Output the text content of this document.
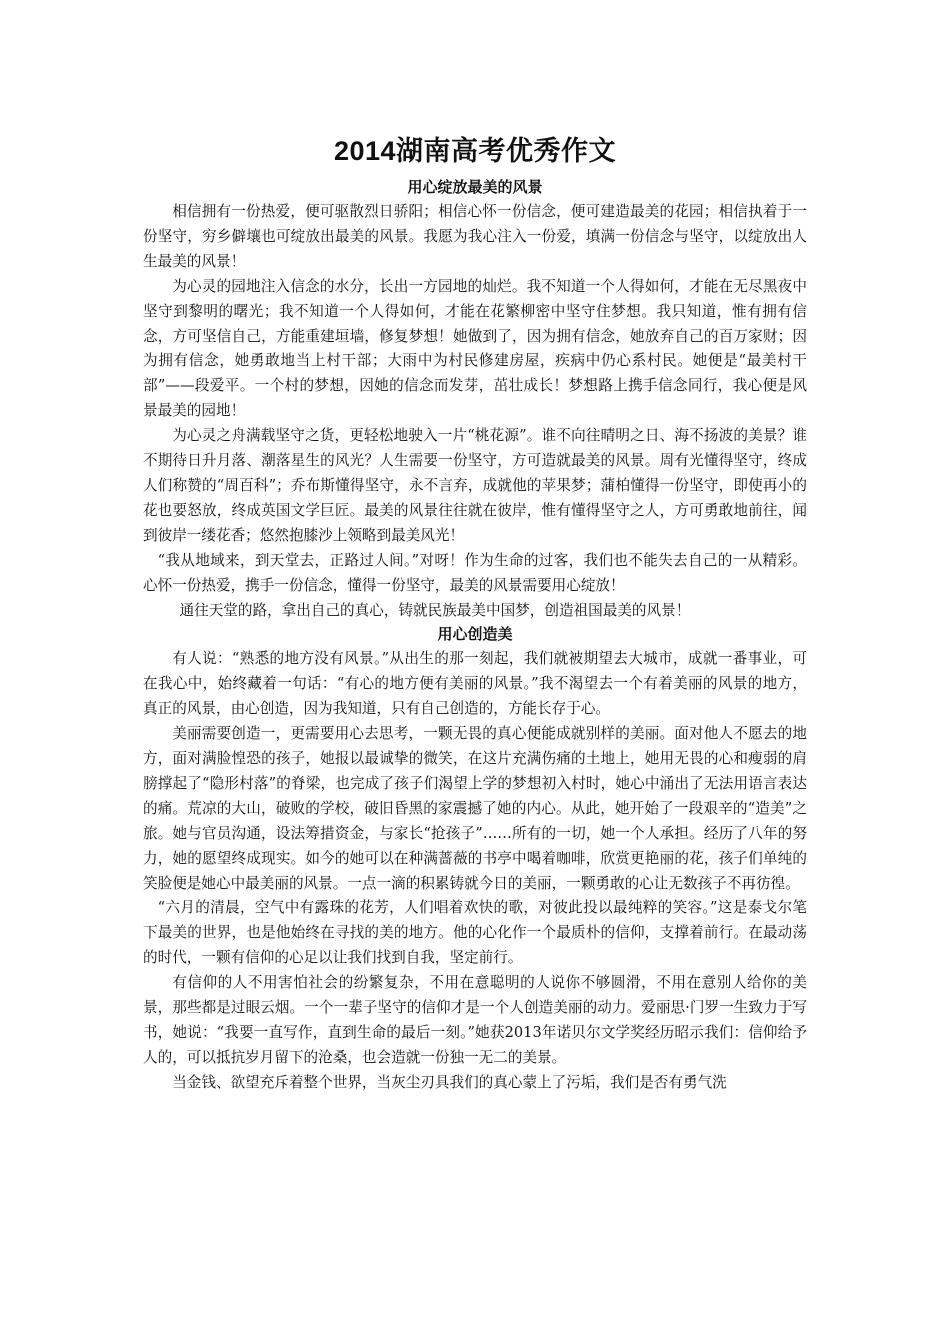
2014湖南高考优秀作文
用心绽放最美的风景

相信拥有一份热爱，便可驱散烈日骄阳；相信心怀一份信念，便可建造最美的花园；相信执着于一份坚守，穷乡僻壤也可绽放出最美的风景。我愿为我心注入一份爱，填满一份信念与坚守，以绽放出人生最美的风景！

为心灵的园地注入信念的水分，长出一方园地的灿烂。我不知道一个人得如何，才能在无尽黑夜中坚守到黎明的曙光；我不知道一个人得如何，才能在花繁柳密中坚守住梦想。我只知道，惟有拥有信念，方可坚信自己，方能重建垣墙，修复梦想！她做到了，因为拥有信念，她放弃自己的百万家财；因为拥有信念，她勇敢地当上村干部；大雨中为村民修建房屋，疾病中仍心系村民。她便是“最美村干部”——段爱平。一个村的梦想，因她的信念而发芽，茁壮成长！梦想路上携手信念同行，我心便是风景最美的园地！

为心灵之舟满载坚守之货，更轻松地驶入一片“桃花源”。谁不向往晴明之日、海不扬波的美景？谁不期待日升月落、潮落星生的风光？人生需要一份坚守，方可造就最美的风景。周有光懂得坚守，终成人们称赞的“周百科”；乔布斯懂得坚守，永不言弃，成就他的苹果梦；蒲柏懂得一份坚守，即使再小的花也要怒放，终成英国文学巨匠。最美的风景往往就在彼岸，惟有懂得坚守之人，方可勇敢地前往，闻到彼岸一缕花香；悠然抱膝沙上领略到最美风光！

“我从地域来，到天堂去，正路过人间。”对呀！作为生命的过客，我们也不能失去自己的一从精彩。心怀一份热爱，携手一份信念，懂得一份坚守，最美的风景需要用心绽放！

通往天堂的路，拿出自己的真心，铸就民族最美中国梦，创造祖国最美的风景！

用心创造美

有人说：“熟悉的地方没有风景。”从出生的那一刻起，我们就被期望去大城市，成就一番事业，可在我心中，始终藏着一句话：“有心的地方便有美丽的风景。”我不渴望去一个有着美丽的风景的地方，真正的风景，由心创造，因为我知道，只有自己创造的，方能长存于心。

美丽需要创造一，更需要用心去思考，一颗无畏的真心便能成就别样的美丽。面对他人不愿去的地方，面对满脸惶恐的孩子，她报以最诚挚的微笑，在这片充满伤痛的土地上，她用无畏的心和瘦弱的肩膀撑起了“隐形村落”的脊梁，也完成了孩子们渴望上学的梦想初入村时，她心中涌出了无法用语言表达的痛。荒凉的大山，破败的学校，破旧昏黑的家震撼了她的内心。从此，她开始了一段艰辛的“造美”之旅。她与官员沟通，设法筹措资金，与家长“抢孩子”……所有的一切，她一个人承担。经历了八年的努力，她的愿望终成现实。如今的她可以在种满蔷薇的书亭中喝着咖啡，欣赏更艳丽的花，孩子们单纯的笑脸便是她心中最美丽的风景。一点一滴的积累铸就今日的美丽，一颗勇敢的心让无数孩子不再彷徨。

“六月的清晨，空气中有露珠的花芳，人们唱着欢快的歌，对彼此投以最纯粹的笑容。”这是泰戈尔笔下最美的世界，也是他始终在寻找的美的地方。他的心化作一个最质朴的信仰，支撑着前行。在最动荡的时代，一颗有信仰的心足以让我们找到自我，坚定前行。

有信仰的人不用害怕社会的纷繁复杂，不用在意聪明的人说你不够圆滑，不用在意别人给你的美景，那些都是过眼云烟。一个一辈子坚守的信仰才是一个人创造美丽的动力。爱丽思·门罗一生致力于写书，她说：“我要一直写作，直到生命的最后一刻。”她获2013年诺贝尔文学奖经历昭示我们：信仰给予人的，可以抵抗岁月留下的沧桑，也会造就一份独一无二的美景。

当金钱、欲望充斥着整个世界，当灰尘刃具我们的真心蒙上了污垢，我们是否有勇气洗
